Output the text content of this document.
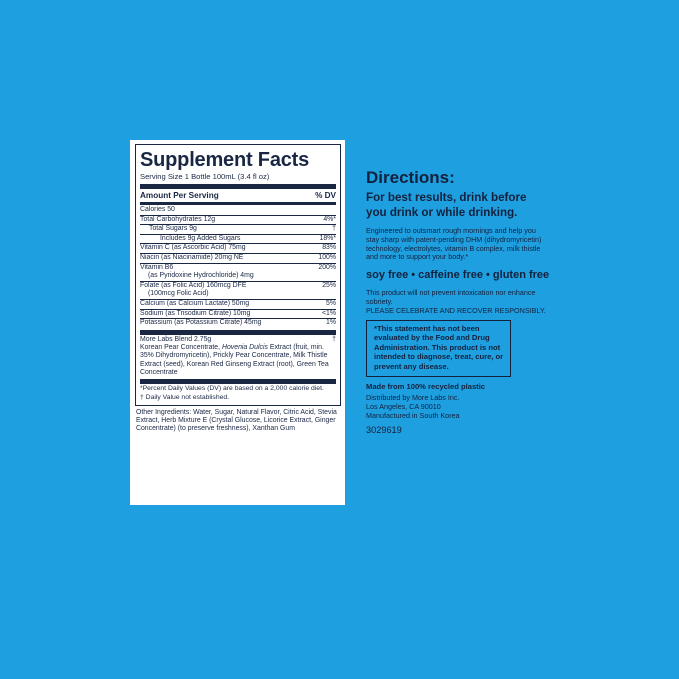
Supplement Facts
Serving Size 1 Bottle 100mL (3.4 fl oz)
Amount Per Serving	% DV
Calories 50
Total Carbohydrates 12g	4%*
Total Sugars 9g	†
Includes 9g Added Sugars	18%*
Vitamin C (as Ascorbic Acid) 75mg	83%
Niacin (as Niacinamide) 20mg NE	100%
Vitamin B6	200%
(as Pyridoxine Hydrochloride) 4mg
Folate (as Folic Acid) 160mcg DFE	25%
(100mcg Folic Acid)
Calcium (as Calcium Lactate) 50mg	5%
Sodium (as Trisodium Citrate) 10mg	<1%
Potassium (as Potassium Citrate) 45mg	1%
More Labs Blend 2.75g	†
Korean Pear Concentrate, Hovenia Dulcis Extract (fruit, min. 35% Dihydromyricetin), Prickly Pear Concentrate, Milk Thistle Extract (seed), Korean Red Ginseng Extract (root), Green Tea Concentrate
*Percent Daily Values (DV) are based on a 2,000 calorie diet.
† Daily Value not established.
Other Ingredients: Water, Sugar, Natural Flavor, Citric Acid, Stevia Extract, Herb Mixture E (Crystal Glucose, Licorice Extract, Ginger Concentrate) (to preserve freshness), Xanthan Gum
Directions:
For best results, drink before you drink or while drinking.
Engineered to outsmart rough mornings and help you stay sharp with patent-pending DHM (dihydromyricetin) technology, electrolytes, vitamin B complex, milk thistle and more to support your body.*
soy free • caffeine free • gluten free
This product will not prevent intoxication nor enhance sobriety.
PLEASE CELEBRATE AND RECOVER RESPONSIBLY.
*This statement has not been evaluated by the Food and Drug Administration. This product is not intended to diagnose, treat, cure, or prevent any disease.
Made from 100% recycled plastic
Distributed by More Labs Inc.
Los Angeles, CA 90010
Manufactured in South Korea
3029619
